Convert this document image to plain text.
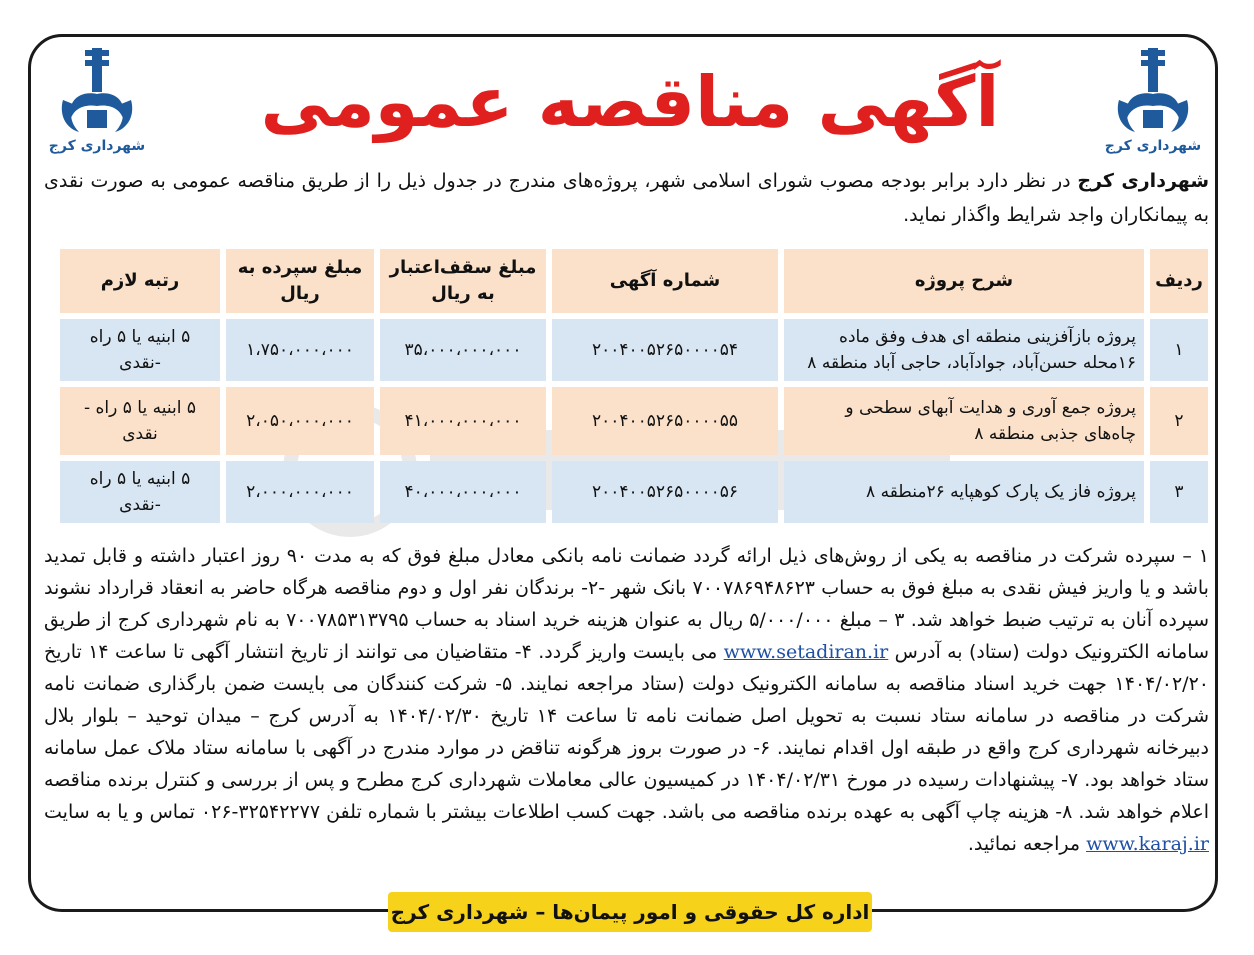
شهرداری کرج	شهرداری کرج
آگهی مناقصه عمومی
شهرداری کرج در نظر دارد برابر بودجه مصوب شورای اسلامی شهر، پروژه‌های مندرج در جدول ذیل را از طریق مناقصه عمومی به صورت نقدی به پیمانکاران واجد شرایط واگذار نماید.
ردیف	شرح پروژه	شماره آگهی	مبلغ سقف‌اعتبار به ریال	مبلغ سپرده به ریال	رتبه لازم
۱	پروژه بازآفزینی منطقه ای هدف وفق ماده ۱۶محله حسن‌آباد، جوادآباد، حاجی آباد منطقه ۸	۲۰۰۴۰۰۵۲۶۵۰۰۰۰۵۴	۳۵،۰۰۰،۰۰۰،۰۰۰	۱،۷۵۰،۰۰۰،۰۰۰	۵ ابنیه یا ۵ راه -نقدی
۲	پروژه جمع آوری و هدایت آبهای سطحی و چاه‌های جذبی منطقه ۸	۲۰۰۴۰۰۵۲۶۵۰۰۰۰۵۵	۴۱،۰۰۰،۰۰۰،۰۰۰	۲،۰۵۰،۰۰۰،۰۰۰	۵ ابنیه یا ۵ راه - نقدی
۳	پروژه فاز یک پارک کوهپایه ۲۶منطقه ۸	۲۰۰۴۰۰۵۲۶۵۰۰۰۰۵۶	۴۰،۰۰۰،۰۰۰،۰۰۰	۲،۰۰۰،۰۰۰،۰۰۰	۵ ابنیه یا ۵ راه -نقدی
۱ – سپرده شرکت در مناقصه به یکی از روش‌های ذیل ارائه گردد ضمانت نامه بانکی معادل مبلغ فوق که به مدت ۹۰ روز اعتبار داشته و قابل تمدید باشد و یا واریز فیش نقدی به مبلغ فوق به حساب ۷۰۰۷۸۶۹۴۸۶۲۳ بانک شهر -۲- برندگان نفر اول و دوم مناقصه هرگاه حاضر به انعقاد قرارداد نشوند سپرده آنان به ترتیب ضبط خواهد شد. ۳ – مبلغ ۵/۰۰۰/۰۰۰ ریال به عنوان هزینه خرید اسناد به حساب ۷۰۰۷۸۵۳۱۳۷۹۵ به نام شهرداری کرج از طریق سامانه الکترونیک دولت (ستاد) به آدرس www.setadiran.ir می بایست واریز گردد. ۴- متقاضیان می توانند از تاریخ انتشار آگهی تا ساعت ۱۴ تاریخ ۱۴۰۴/۰۲/۲۰ جهت خرید اسناد مناقصه به سامانه الکترونیک دولت (ستاد مراجعه نمایند. ۵- شرکت کنندگان می بایست ضمن بارگذاری ضمانت نامه شرکت در مناقصه در سامانه ستاد نسبت به تحویل اصل ضمانت نامه تا ساعت ۱۴ تاریخ ۱۴۰۴/۰۲/۳۰ به آدرس کرج – میدان توحید – بلوار بلال دبیرخانه شهرداری کرج واقع در طبقه اول اقدام نمایند. ۶- در صورت بروز هرگونه تناقض در موارد مندرج در آگهی با سامانه ستاد ملاک عمل سامانه ستاد خواهد بود. ۷- پیشنهادات رسیده در مورخ ۱۴۰۴/۰۲/۳۱ در کمیسیون عالی معاملات شهرداری کرج مطرح و پس از بررسی و کنترل برنده مناقصه اعلام خواهد شد. ۸- هزینه چاپ آگهی به عهده برنده مناقصه می باشد. جهت کسب اطلاعات بیشتر با شماره تلفن ۳۲۵۴۲۲۷۷-۰۲۶ تماس و یا به سایت www.karaj.ir مراجعه نمائید.
اداره کل حقوقی و امور پیمان‌ها – شهرداری کرج
